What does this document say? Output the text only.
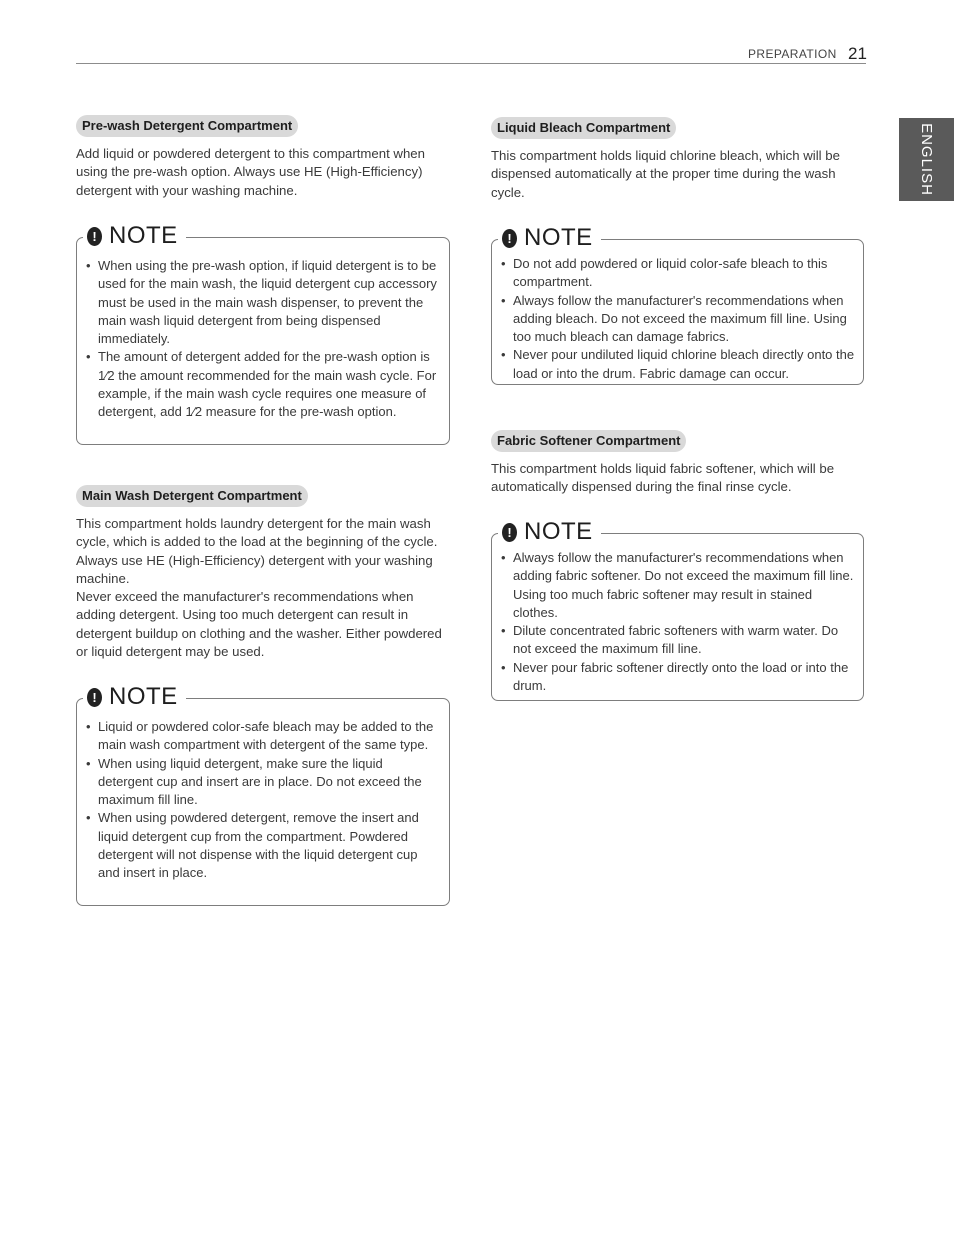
PREPARATION 21
ENGLISH
Pre-wash Detergent Compartment

Add liquid or powdered detergent to this compartment when using the pre-wash option. Always use HE (High-Efficiency) detergent with your washing machine.

! NOTE
• When using the pre-wash option, if liquid detergent is to be used for the main wash, the liquid detergent cup accessory must be used in the main wash dispenser, to prevent the main wash liquid detergent from being dispensed immediately.
• The amount of detergent added for the pre-wash option is 1⁄2 the amount recommended for the main wash cycle. For example, if the main wash cycle requires one measure of detergent, add 1⁄2 measure for the pre-wash option.
Main Wash Detergent Compartment

This compartment holds laundry detergent for the main wash cycle, which is added to the load at the beginning of the cycle. Always use HE (High-Efficiency) detergent with your washing machine.

Never exceed the manufacturer's recommendations when adding detergent. Using too much detergent can result in detergent buildup on clothing and the washer. Either powdered or liquid detergent may be used.

! NOTE
• Liquid or powdered color-safe bleach may be added to the main wash compartment with detergent of the same type.
• When using liquid detergent, make sure the liquid detergent cup and insert are in place. Do not exceed the maximum fill line.
• When using powdered detergent, remove the insert and liquid detergent cup from the compartment. Powdered detergent will not dispense with the liquid detergent cup and insert in place.
Liquid Bleach Compartment

This compartment holds liquid chlorine bleach, which will be dispensed automatically at the proper time during the wash cycle.

! NOTE
• Do not add powdered or liquid color-safe bleach to this compartment.
• Always follow the manufacturer's recommendations when adding bleach. Do not exceed the maximum fill line. Using too much bleach can damage fabrics.
• Never pour undiluted liquid chlorine bleach directly onto the load or into the drum. Fabric damage can occur.
Fabric Softener Compartment

This compartment holds liquid fabric softener, which will be automatically dispensed during the final rinse cycle.

! NOTE
• Always follow the manufacturer's recommendations when adding fabric softener. Do not exceed the maximum fill line. Using too much fabric softener may result in stained clothes.
• Dilute concentrated fabric softeners with warm water. Do not exceed the maximum fill line.
• Never pour fabric softener directly onto the load or into the drum.
